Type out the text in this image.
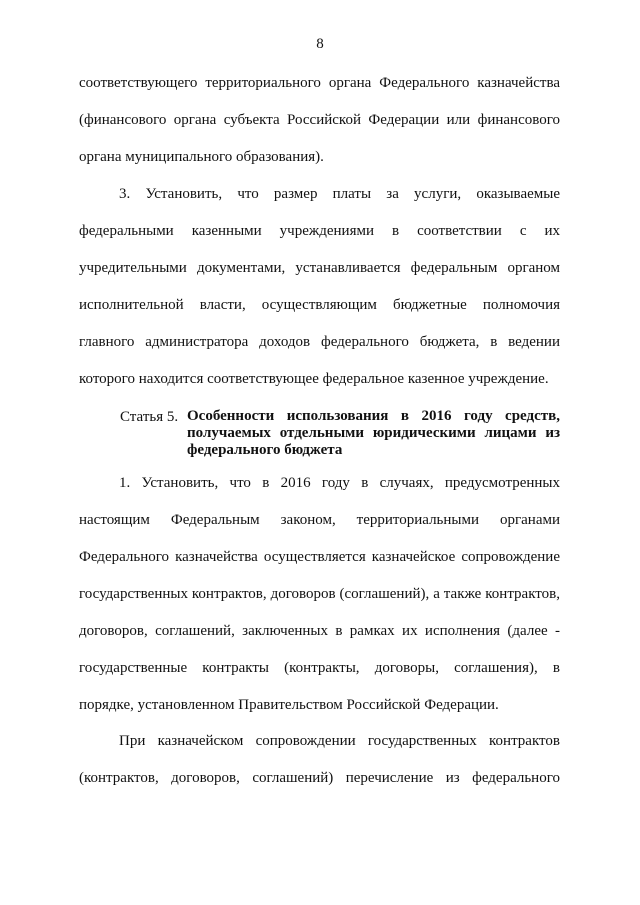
8
соответствующего территориального органа Федерального казначейства
(финансового органа субъекта Российской Федерации или финансового
органа муниципального образования).
3. Установить, что размер платы за услуги, оказываемые
федеральными казенными учреждениями в соответствии с их
учредительными документами, устанавливается федеральным органом
исполнительной власти, осуществляющим бюджетные полномочия
главного администратора доходов федерального бюджета, в ведении
которого находится соответствующее федеральное казенное учреждение.
Статья 5. Особенности использования в 2016 году средств,
получаемых отдельными юридическими лицами из
федерального бюджета
1. Установить, что в 2016 году в случаях, предусмотренных
настоящим Федеральным законом, территориальными органами
Федерального казначейства осуществляется казначейское сопровождение
государственных контрактов, договоров (соглашений), а также контрактов,
договоров, соглашений, заключенных в рамках их исполнения (далее -
государственные контракты (контракты, договоры, соглашения), в
порядке, установленном Правительством Российской Федерации.
При казначейском сопровождении государственных контрактов
(контрактов, договоров, соглашений) перечисление из федерального
